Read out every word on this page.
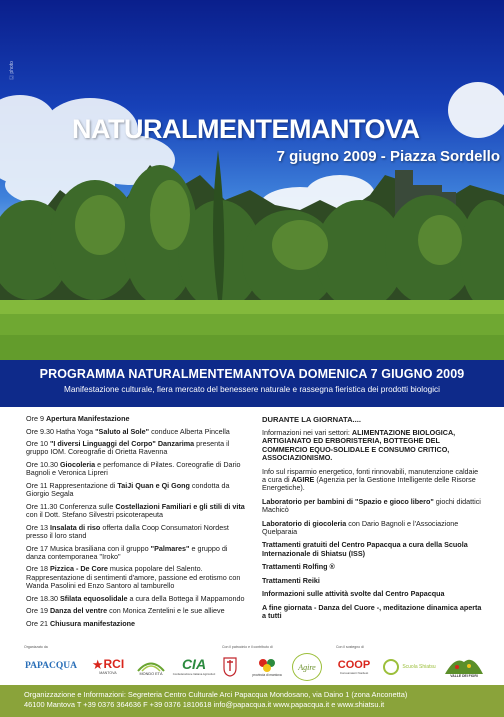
Ⓒ photo
NATURALMENTEMANTOVA
7 giugno 2009 - Piazza Sordello
PROGRAMMA NATURALMENTEMANTOVA DOMENICA 7 GIUGNO 2009
Manifestazione culturale, fiera mercato del benessere naturale e rassegna fieristica dei prodotti biologici
Ore 9 Apertura Manifestazione
Ore 9.30 Hatha Yoga "Saluto al Sole" conduce Alberta Pincella
Ore 10 "I diversi Linguaggi del Corpo" Danzarima presenta il gruppo IOM. Coreografie di Orietta Ravenna
Ore 10.30 Giocoleria e perfomance di Pilates. Coreografie di Dario Bagnoli e Veronica Lipreri
Ore 11 Rappresentazione di TaiJi Quan e Qi Gong condotta da Giorgio Segala
Ore 11.30 Conferenza sulle Costellazioni Familiari e gli stili di vita con il Dott. Stefano Silvestri psicoterapeuta
Ore 13 Insalata di riso offerta dalla Coop Consumatori Nordest presso il loro stand
Ore 17 Musica brasiliana con il gruppo "Palmares" e gruppo di danza contemporanea "Iroko"
Ore 18 Pizzica - De Core musica popolare del Salento. Rappresentazione di sentimenti d'amore, passione ed erotismo con Wanda Pasolini ed Enzo Santoro al tamburello
Ore 18.30 Sfilata equosolidale a cura della Bottega il Mappamondo
Ore 19 Danza del ventre con Monica Zentelini e le sue allieve
Ore 21 Chiusura manifestazione
DURANTE LA GIORNATA....
Informazioni nei vari settori: ALIMENTAZIONE BIOLOGICA, ARTIGIANATO ED ERBORISTERIA, BOTTEGHE DEL COMMERCIO EQUO-SOLIDALE E CONSUMO CRITICO, ASSOCIAZIONISMO.
Info sul risparmio energetico, fonti rinnovabili, manutenzione caldaie a cura di AGIRE (Agenzia per la Gestione Intelligente delle Risorse Energetiche).
Laboratorio per bambini di "Spazio e gioco libero" giochi didattici Machicò
Laboratorio di giocoleria con Dario Bagnoli e l'Associazione Quelparaia
Trattamenti gratuiti del Centro Papacqua a cura della Scuola Internazionale di Shiatsu (ISS)
Trattamenti Rolfing ®
Trattamenti Reiki
Informazioni sulle attività svolte dal Centro Papacqua
A fine giornata - Danza del Cuore -, meditazione dinamica aperta a tutti
Organizzato da	Con il patrocinio e il contributo di	Con il sostegno di
PAPACQUA ★ RCI
MANTOVA	MONDO ETÀ
CIA
Confederazione Italiana Agricoltori	provincia di mantova
Agire COOP
Consumatori Nordest
Scuola Shiatsu
VALLE DEI FIORI
Organizzazione e Informazioni: Segreteria Centro Culturale Arci Papacqua Mondosano, via Daino 1 (zona Anconetta)
46100 Mantova T +39 0376 364636 F +39 0376 1810618 info@papacqua.it www.papacqua.it e www.shiatsu.it
